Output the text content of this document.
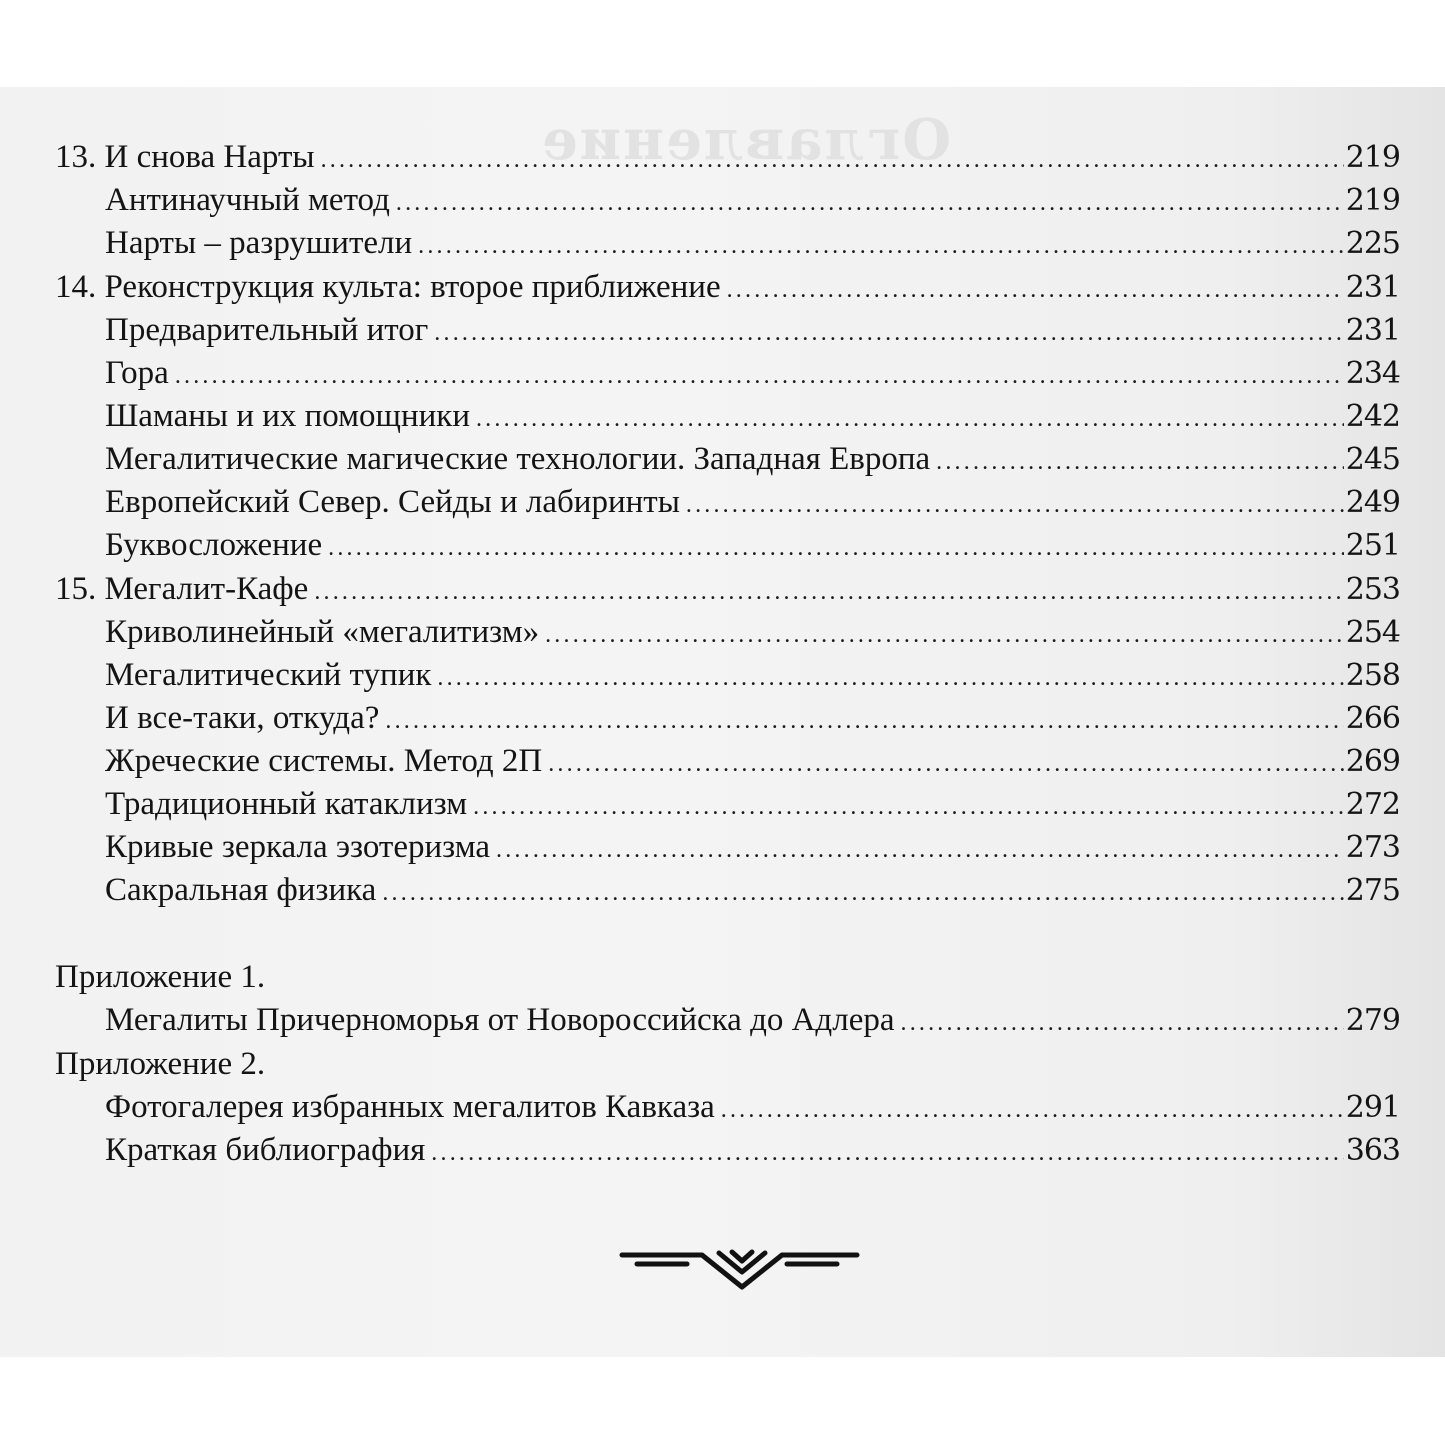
Оглавление
13. И снова Нарты .....	219
Антинаучный метод .....	219
Нарты – разрушители .....	225
14. Реконструкция культа: второе приближение .....	231
Предварительный итог .....	231
Гора .....	234
Шаманы и их помощники .....	242
Мегалитические магические технологии. Западная Европа .....	245
Европейский Север. Сейды и лабиринты .....	249
Буквосложение .....	251
15. Мегалит-Кафе .....	253
Криволинейный «мегалитизм» .....	254
Мегалитический тупик .....	258
И все-таки, откуда? .....	266
Жреческие системы. Метод 2П .....	269
Традиционный катаклизм .....	272
Кривые зеркала эзотеризма .....	273
Сакральная физика .....	275
Приложение 1.
Мегалиты Причерноморья от Новороссийска до Адлера .....	279
Приложение 2.
Фотогалерея избранных мегалитов Кавказа .....	291
Краткая библиография .....	363
